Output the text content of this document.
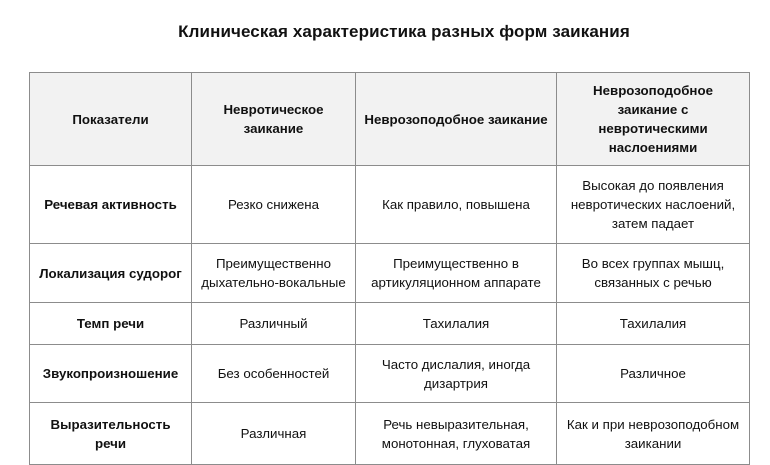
Клиническая характеристика разных форм заикания
Показатели	Невротическое заикание	Неврозоподобное заикание	Неврозоподобное заикание с невротическими наслоениями
Речевая активность	Резко снижена	Как правило, повышена	Высокая до появления невротических наслоений, затем падает
Локализация судорог	Преимущественно дыхательно-вокальные	Преимущественно в артикуляционном аппарате	Во всех группах мышц, связанных с речью
Темп речи	Различный	Тахилалия	Тахилалия
Звукопроизношение	Без особенностей	Часто дислалия, иногда дизартрия	Различное
Выразительность речи	Различная	Речь невыразительная, монотонная, глуховатая	Как и при неврозоподобном заикании
